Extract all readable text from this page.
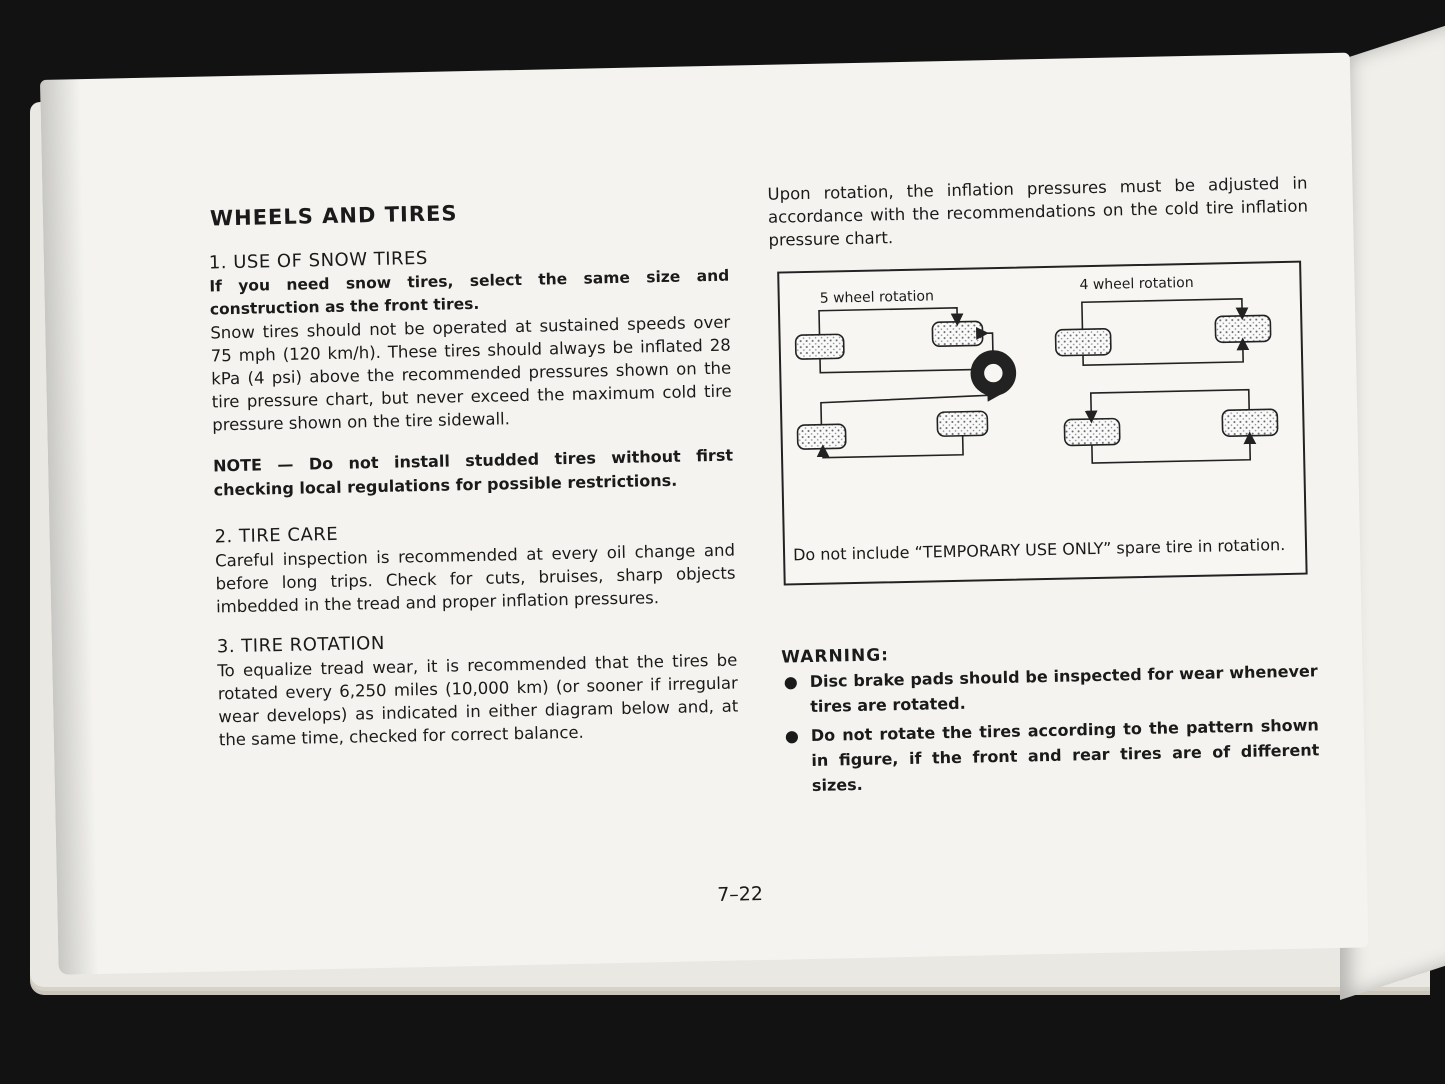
WHEELS AND TIRES
1. USE OF SNOW TIRES

If you need snow tires, select the same size and construction as the front tires.

Snow tires should not be operated at sustained speeds over 75 mph (120 km/h). These tires should always be inflated 28 kPa (4 psi) above the recommended pressures shown on the tire pressure chart, but never exceed the maximum cold tire pressure shown on the tire sidewall.

NOTE — Do not install studded tires without first checking local regulations for possible restrictions.

2. TIRE CARE

Careful inspection is recommended at every oil change and before long trips. Check for cuts, bruises, sharp objects imbedded in the tread and proper inflation pressures.

3. TIRE ROTATION

To equalize tread wear, it is recommended that the tires be rotated every 6,250 miles (10,000 km) (or sooner if irregular wear develops) as indicated in either diagram below and, at the same time, checked for correct balance.

Upon rotation, the inflation pressures must be adjusted in accordance with the recommendations on the cold tire inflation pressure chart.

5 wheel rotation
4 wheel rotation
Do not include “TEMPORARY USE ONLY” spare tire in rotation.
WARNING:
● Disc brake pads should be inspected for wear whenever tires are rotated.
● Do not rotate the tires according to the pattern shown in figure, if the front and rear tires are of different sizes.
7–22
